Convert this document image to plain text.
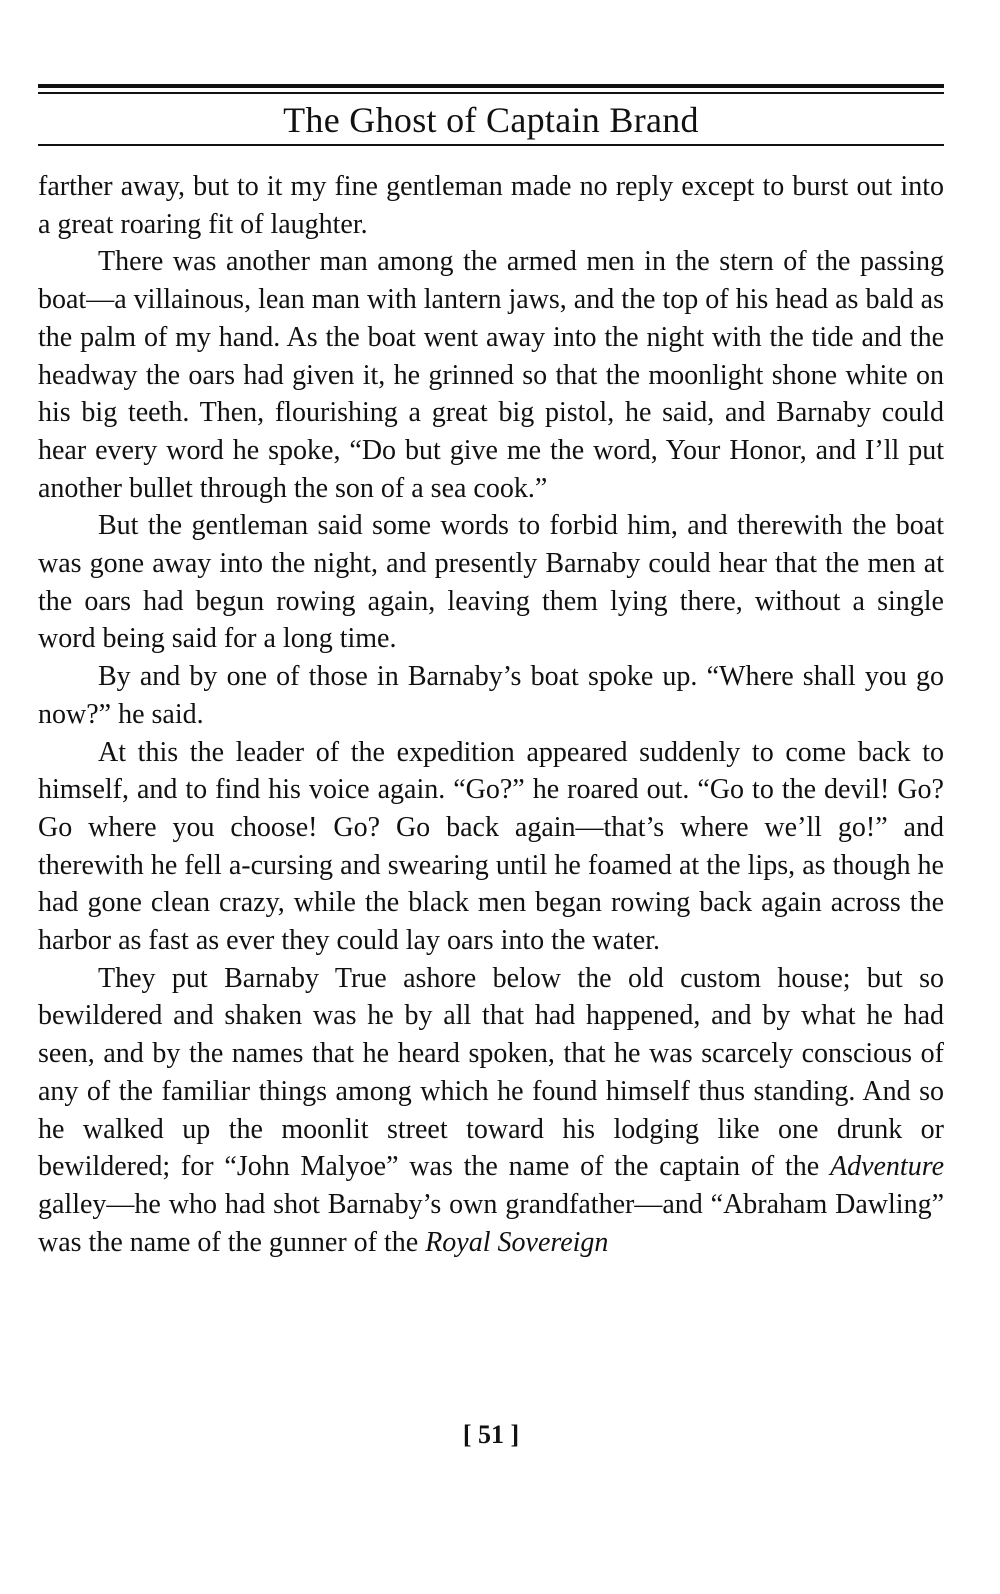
The Ghost of Captain Brand

farther away, but to it my fine gentleman made no reply except to burst out into a great roaring fit of laughter.

There was another man among the armed men in the stern of the passing boat—a villainous, lean man with lantern jaws, and the top of his head as bald as the palm of my hand. As the boat went away into the night with the tide and the headway the oars had given it, he grinned so that the moonlight shone white on his big teeth. Then, flourishing a great big pistol, he said, and Barnaby could hear every word he spoke, “Do but give me the word, Your Honor, and I’ll put another bullet through the son of a sea cook.”

But the gentleman said some words to forbid him, and therewith the boat was gone away into the night, and presently Barnaby could hear that the men at the oars had begun rowing again, leaving them lying there, without a single word being said for a long time.

By and by one of those in Barnaby’s boat spoke up. “Where shall you go now?” he said.

At this the leader of the expedition appeared suddenly to come back to himself, and to find his voice again. “Go?” he roared out. “Go to the devil! Go? Go where you choose! Go? Go back again—that’s where we’ll go!” and therewith he fell a-cursing and swearing until he foamed at the lips, as though he had gone clean crazy, while the black men began rowing back again across the harbor as fast as ever they could lay oars into the water.

They put Barnaby True ashore below the old custom house; but so bewildered and shaken was he by all that had happened, and by what he had seen, and by the names that he heard spoken, that he was scarcely conscious of any of the familiar things among which he found himself thus standing. And so he walked up the moonlit street toward his lodging like one drunk or bewildered; for “John Malyoe” was the name of the captain of the Adventure galley—he who had shot Barnaby’s own grandfather—and “Abraham Dawling” was the name of the gunner of the Royal Sovereign

[ 51 ]
